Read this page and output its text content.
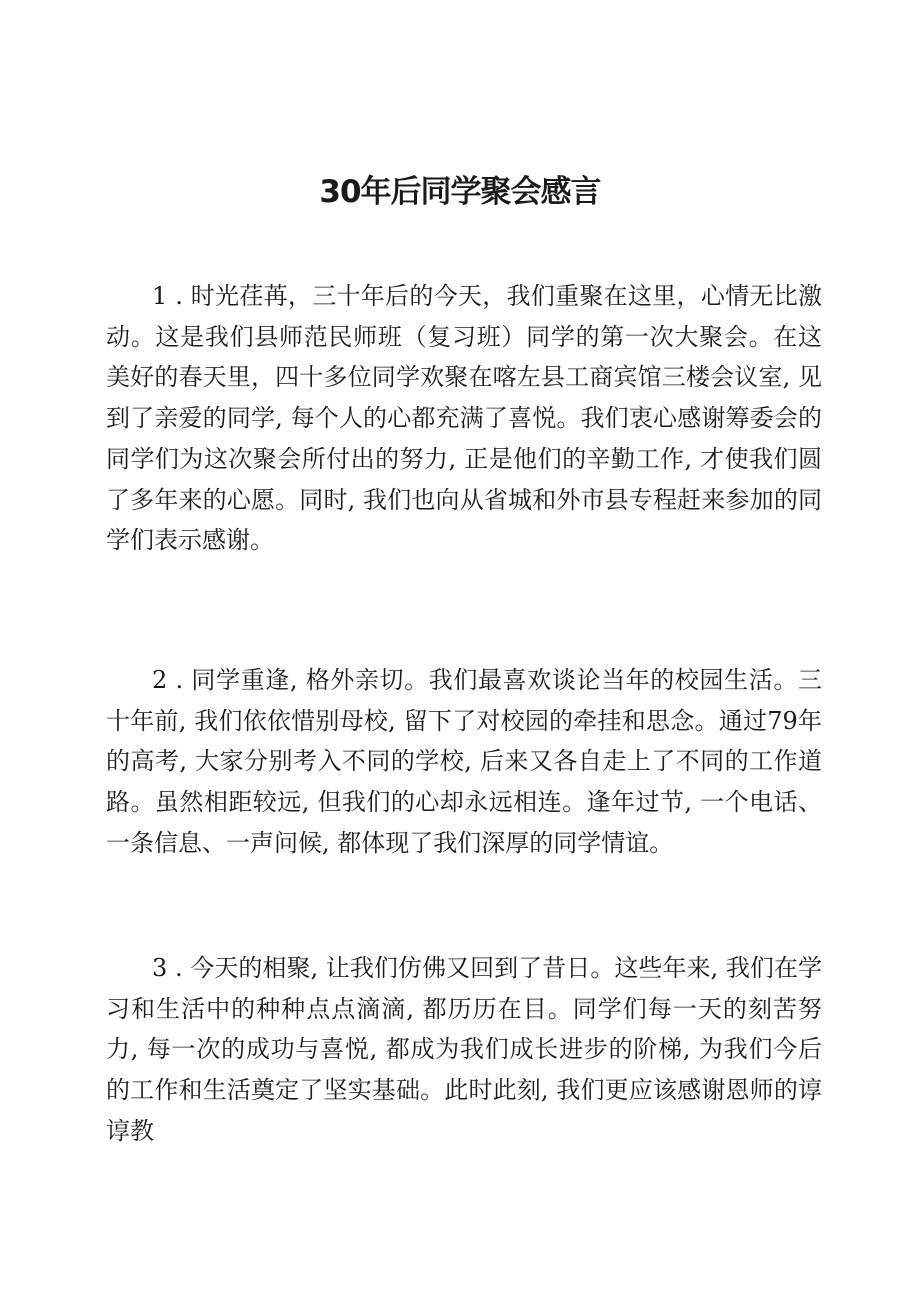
30年后同学聚会感言

1 . 时光荏苒，三十年后的今天，我们重聚在这里，心情无比激动。这是我们县师范民师班（复习班）同学的第一次大聚会。在这美好的春天里，四十多位同学欢聚在喀左县工商宾馆三楼会议室, 见到了亲爱的同学, 每个人的心都充满了喜悦。我们衷心感谢筹委会的同学们为这次聚会所付出的努力, 正是他们的辛勤工作, 才使我们圆了多年来的心愿。同时, 我们也向从省城和外市县专程赶来参加的同学们表示感谢。

2 . 同学重逢, 格外亲切。我们最喜欢谈论当年的校园生活。三十年前, 我们依依惜别母校, 留下了对校园的牵挂和思念。通过79年的高考, 大家分别考入不同的学校, 后来又各自走上了不同的工作道路。虽然相距较远, 但我们的心却永远相连。逢年过节, 一个电话、一条信息、一声问候, 都体现了我们深厚的同学情谊。

3 . 今天的相聚, 让我们仿佛又回到了昔日。这些年来, 我们在学习和生活中的种种点点滴滴, 都历历在目。同学们每一天的刻苦努力, 每一次的成功与喜悦, 都成为我们成长进步的阶梯, 为我们今后的工作和生活奠定了坚实基础。此时此刻, 我们更应该感谢恩师的谆谆教
